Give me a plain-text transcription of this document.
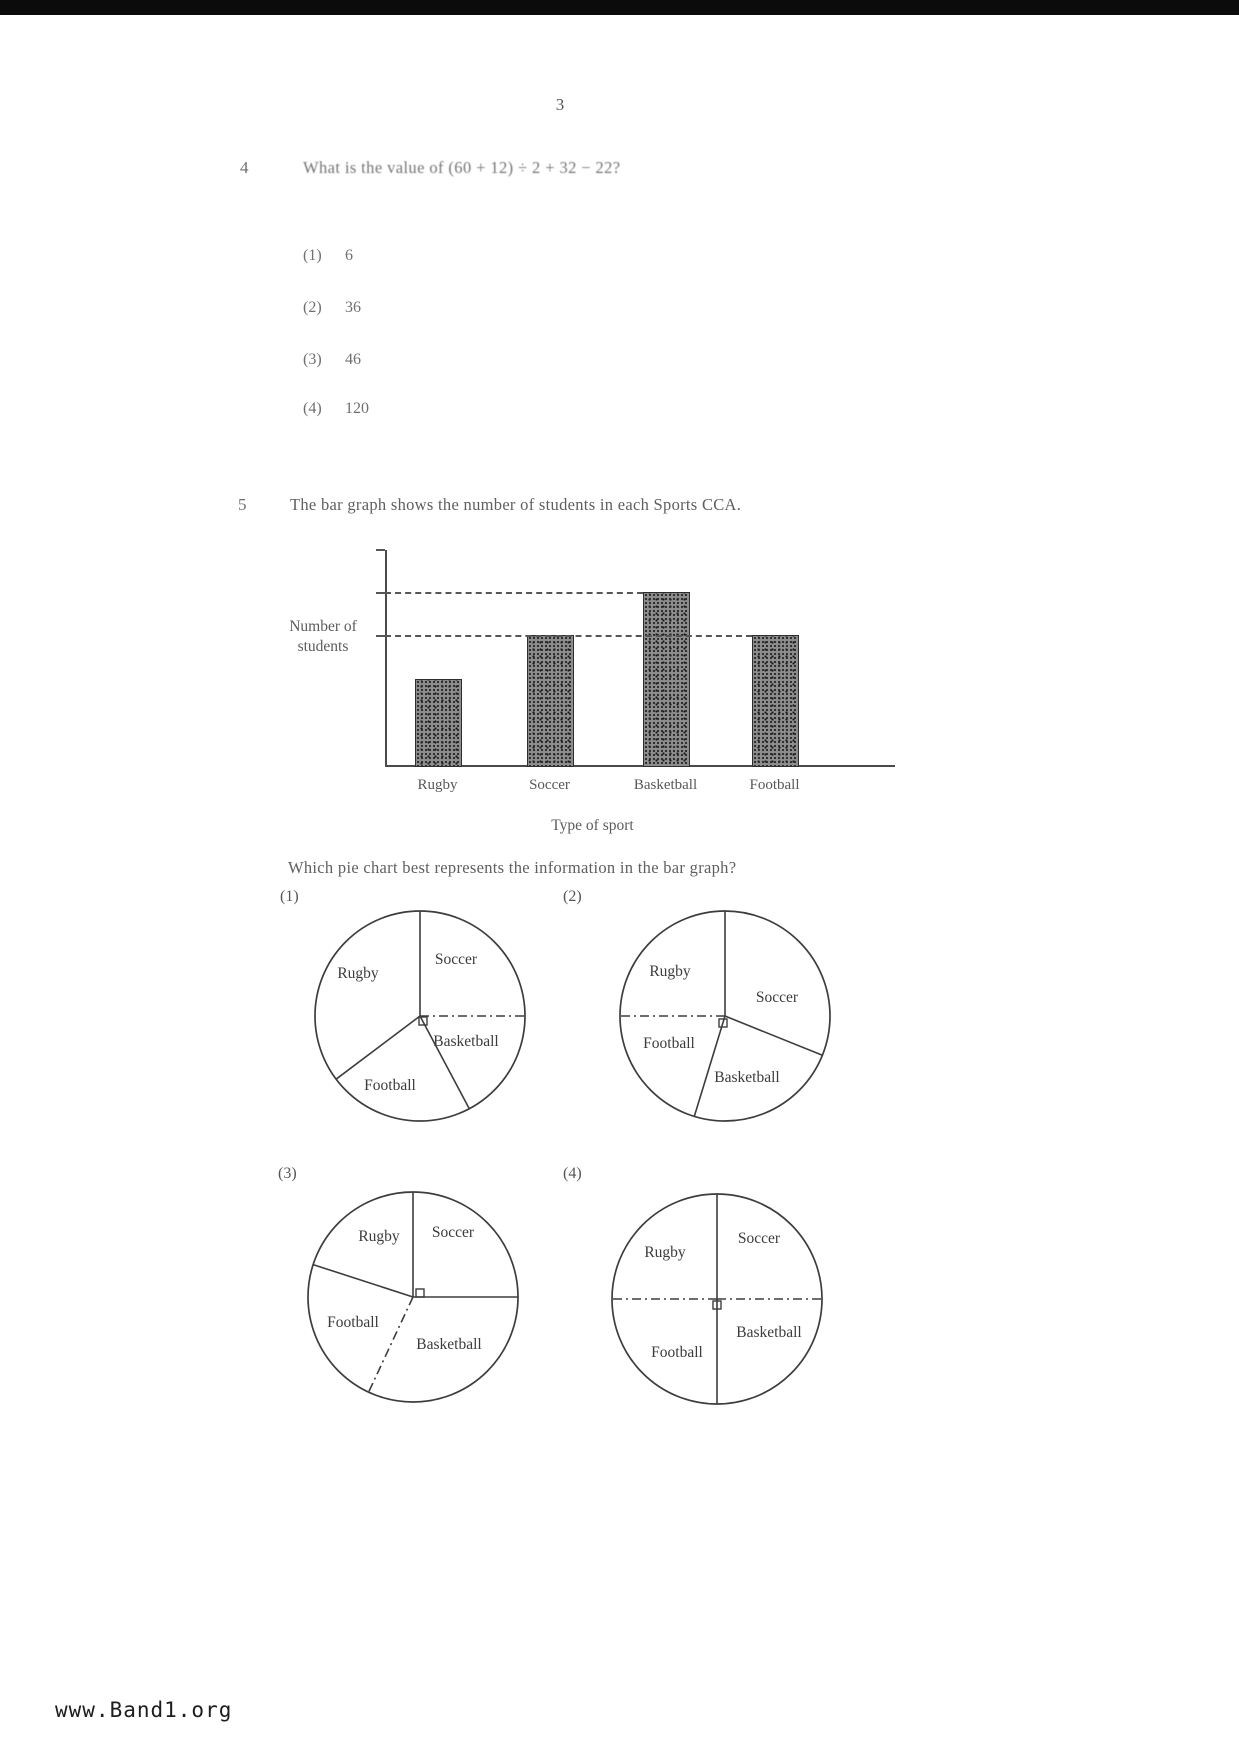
3
4	What is the value of (60 + 12) ÷ 2 + 32 − 22?
(1) 6
(2) 36
(3) 46
(4) 120
5	The bar graph shows the number of students in each Sports CCA.
Number of students
Rugby	Soccer	Basketball	Football
Type of sport
Which pie chart best represents the information in the bar graph?
(1)
Rugby
Soccer
Basketball
Football
(2)
Rugby
Soccer
Football
Basketball
(3)
Rugby Soccer
Football
Basketball
(4)
Rugby
Soccer
Football
Basketball
www.Band1.org
